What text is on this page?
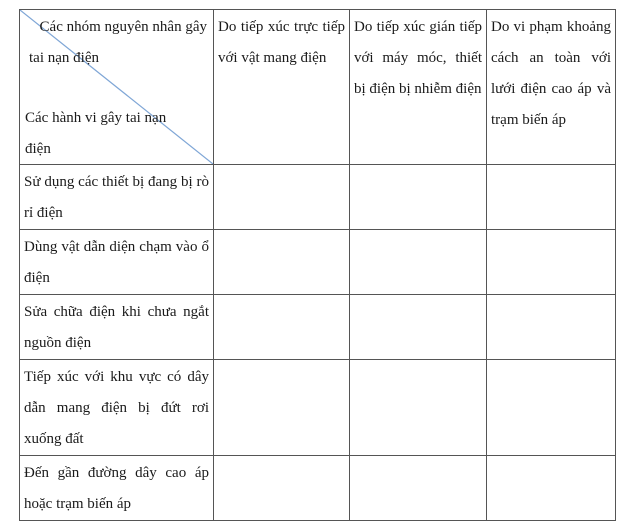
Các nhóm nguyên nhân gây tai nạn điện
Các hành vi gây tai nạn điện	Do tiếp xúc trực tiếp với vật mang điện	Do tiếp xúc gián tiếp với máy móc, thiết bị điện bị nhiễm điện	Do vi phạm khoảng cách an toàn với lưới điện cao áp và trạm biến áp
Sử dụng các thiết bị đang bị rò rỉ điện			
Dùng vật dẫn diện chạm vào ổ điện			
Sửa chữa điện khi chưa ngắt nguồn điện			
Tiếp xúc với khu vực có dây dẫn mang điện bị đứt rơi xuống đất			
Đến gần đường dây cao áp hoặc trạm biến áp			
